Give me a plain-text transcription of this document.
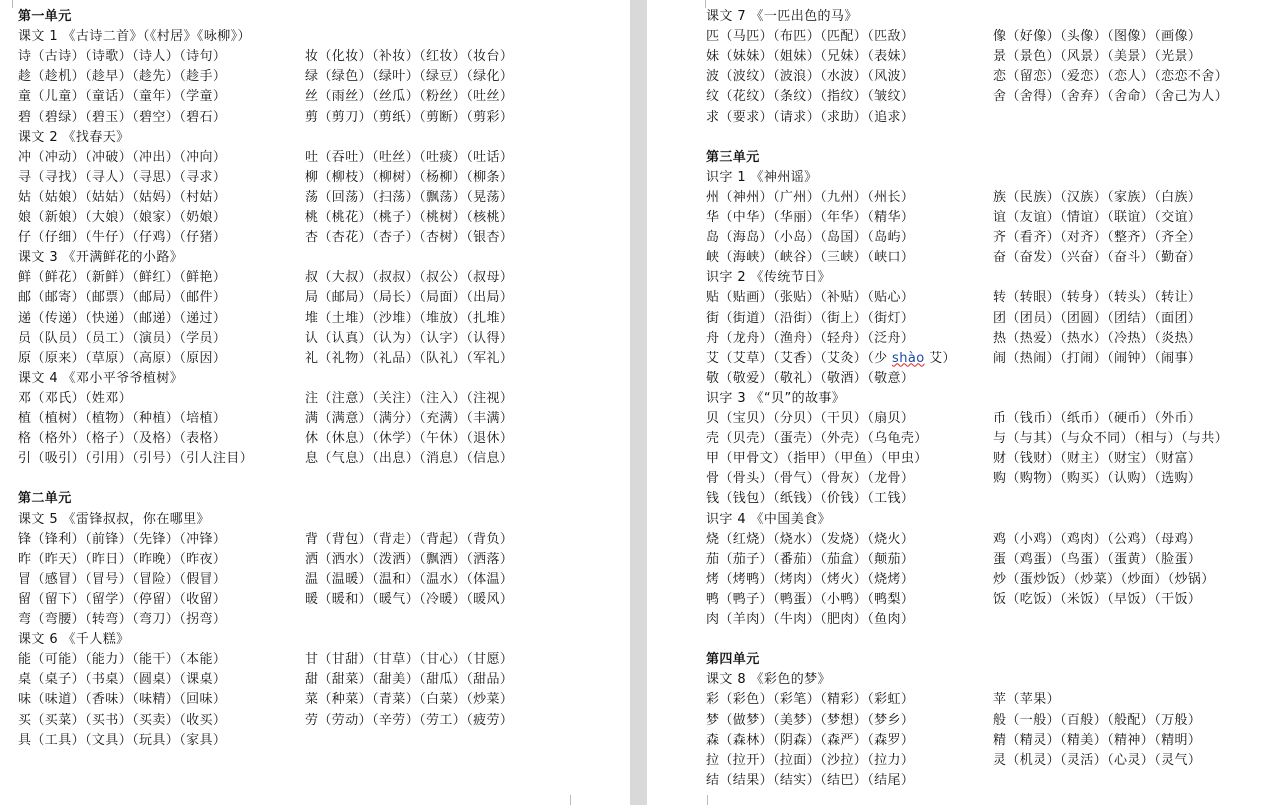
第一单元
课文 1 《古诗二首》（《村居》《咏柳》）
诗（古诗）（诗歌）（诗人）（诗句）	妆（化妆）（补妆）（红妆）（妆台）
趁（趁机）（趁早）（趁先）（趁手）	绿（绿色）（绿叶）（绿豆）（绿化）
童（儿童）（童话）（童年）（学童）	丝（雨丝）（丝瓜）（粉丝）（吐丝）
碧（碧绿）（碧玉）（碧空）（碧石）	剪（剪刀）（剪纸）（剪断）（剪彩）
课文 2 《找春天》
冲（冲动）（冲破）（冲出）（冲向）	吐（吞吐）（吐丝）（吐痰）（吐话）
寻（寻找）（寻人）（寻思）（寻求）	柳（柳枝）（柳树）（杨柳）（柳条）
姑（姑娘）（姑姑）（姑妈）（村姑）	荡（回荡）（扫荡）（飘荡）（晃荡）
娘（新娘）（大娘）（娘家）（奶娘）	桃（桃花）（桃子）（桃树）（核桃）
仔（仔细）（牛仔）（仔鸡）（仔猪）	杏（杏花）（杏子）（杏树）（银杏）
课文 3 《开满鲜花的小路》
鲜（鲜花）（新鲜）（鲜红）（鲜艳）	叔（大叔）（叔叔）（叔公）（叔母）
邮（邮寄）（邮票）（邮局）（邮件）	局（邮局）（局长）（局面）（出局）
递（传递）（快递）（邮递）（递过）	堆（土堆）（沙堆）（堆放）（扎堆）
员（队员）（员工）（演员）（学员）	认（认真）（认为）（认字）（认得）
原（原来）（草原）（高原）（原因）	礼（礼物）（礼品）（队礼）（军礼）
课文 4 《邓小平爷爷植树》
邓（邓氏）（姓邓）	注（注意）（关注）（注入）（注视）
植（植树）（植物）（种植）（培植）	满（满意）（满分）（充满）（丰满）
格（格外）（格子）（及格）（表格）	休（休息）（休学）（午休）（退休）
引（吸引）（引用）（引号）（引人注目）	息（气息）（出息）（消息）（信息）
第二单元
课文 5 《雷锋叔叔，你在哪里》
锋（锋利）（前锋）（先锋）（冲锋）	背（背包）（背走）（背起）（背负）
昨（昨天）（昨日）（昨晚）（昨夜）	洒（洒水）（泼洒）（飘洒）（洒落）
冒（感冒）（冒号）（冒险）（假冒）	温（温暖）（温和）（温水）（体温）
留（留下）（留学）（停留）（收留）	暖（暖和）（暖气）（冷暖）（暖风）
弯（弯腰）（转弯）（弯刀）（拐弯）
课文 6 《千人糕》
能（可能）（能力）（能干）（本能）	甘（甘甜）（甘草）（甘心）（甘愿）
桌（桌子）（书桌）（圆桌）（课桌）	甜（甜菜）（甜美）（甜瓜）（甜品）
味（味道）（香味）（味精）（回味）	菜（种菜）（青菜）（白菜）（炒菜）
买（买菜）（买书）（买卖）（收买）	劳（劳动）（辛劳）（劳工）（疲劳）
具（工具）（文具）（玩具）（家具）
课文 7 《一匹出色的马》
匹（马匹）（布匹）（匹配）（匹敌）	像（好像）（头像）（图像）（画像）
妹（妹妹）（姐妹）（兄妹）（表妹）	景（景色）（风景）（美景）（光景）
波（波纹）（波浪）（水波）（风波）	恋（留恋）（爱恋）（恋人）（恋恋不舍）
纹（花纹）（条纹）（指纹）（皱纹）	舍（舍得）（舍弃）（舍命）（舍己为人）
求（要求）（请求）（求助）（追求）
第三单元
识字 1 《神州谣》
州（神州）（广州）（九州）（州长）	族（民族）（汉族）（家族）（白族）
华（中华）（华丽）（年华）（精华）	谊（友谊）（情谊）（联谊）（交谊）
岛（海岛）（小岛）（岛国）（岛屿）	齐（看齐）（对齐）（整齐）（齐全）
峡（海峡）（峡谷）（三峡）（峡口）	奋（奋发）（兴奋）（奋斗）（勤奋）
识字 2 《传统节日》
贴（贴画）（张贴）（补贴）（贴心）	转（转眼）（转身）（转头）（转让）
街（街道）（沿街）（街上）（街灯）	团（团员）（团圆）（团结）（面团）
舟（龙舟）（渔舟）（轻舟）（泛舟）	热（热爱）（热水）（冷热）（炎热）
艾（艾草）（艾香）（艾灸）（少 shào 艾）	闹（热闹）（打闹）（闹钟）（闹事）
敬（敬爱）（敬礼）（敬酒）（敬意）
识字 3 《“贝”的故事》
贝（宝贝）（分贝）（干贝）（扇贝）	币（钱币）（纸币）（硬币）（外币）
壳（贝壳）（蛋壳）（外壳）（乌龟壳）	与（与其）（与众不同）（相与）（与共）
甲（甲骨文）（指甲）（甲鱼）（甲虫）	财（钱财）（财主）（财宝）（财富）
骨（骨头）（骨气）（骨灰）（龙骨）	购（购物）（购买）（认购）（选购）
钱（钱包）（纸钱）（价钱）（工钱）
识字 4 《中国美食》
烧（红烧）（烧水）（发烧）（烧火）	鸡（小鸡）（鸡肉）（公鸡）（母鸡）
茄（茄子）（番茄）（茄盒）（颠茄）	蛋（鸡蛋）（鸟蛋）（蛋黄）（脸蛋）
烤（烤鸭）（烤肉）（烤火）（烧烤）	炒（蛋炒饭）（炒菜）（炒面）（炒锅）
鸭（鸭子）（鸭蛋）（小鸭）（鸭梨）	饭（吃饭）（米饭）（早饭）（干饭）
肉（羊肉）（牛肉）（肥肉）（鱼肉）
第四单元
课文 8 《彩色的梦》
彩（彩色）（彩笔）（精彩）（彩虹）	苹（苹果）
梦（做梦）（美梦）（梦想）（梦乡）	般（一般）（百般）（般配）（万般）
森（森林）（阴森）（森严）（森罗）	精（精灵）（精美）（精神）（精明）
拉（拉开）（拉面）（沙拉）（拉力）	灵（机灵）（灵活）（心灵）（灵气）
结（结果）（结实）（结巴）（结尾）
